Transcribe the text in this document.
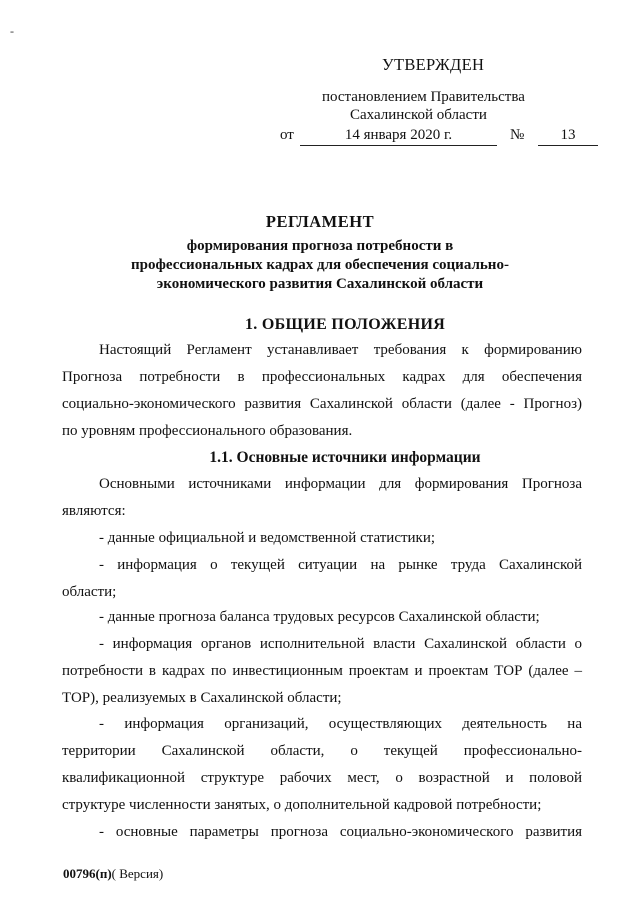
-
УТВЕРЖДЕН
постановлением Правительства
Сахалинской области
от	14 января 2020 г.	№	13
РЕГЛАМЕНТ
формирования прогноза потребности в
профессиональных кадрах для обеспечения социально-
экономического развития Сахалинской области
1. ОБЩИЕ ПОЛОЖЕНИЯ
Настоящий Регламент устанавливает требования к формированию
Прогноза потребности в профессиональных кадрах для обеспечения
социально-экономического развития Сахалинской области (далее - Прогноз)
по уровням профессионального образования.
1.1. Основные источники информации
Основными источниками информации для формирования Прогноза
являются:
- данные официальной и ведомственной статистики;
- информация о текущей ситуации на рынке труда Сахалинской
области;
- данные прогноза баланса трудовых ресурсов Сахалинской области;
- информация органов исполнительной власти Сахалинской области о
потребности в кадрах по инвестиционным проектам и проектам ТОР (далее –
ТОР), реализуемых в Сахалинской области;
- информация организаций, осуществляющих деятельность на
территории Сахалинской области, о текущей профессионально-
квалификационной структуре рабочих мест, о возрастной и половой
структуре численности занятых, о дополнительной кадровой потребности;
- основные параметры прогноза социально-экономического развития
00796(п)( Версия)
